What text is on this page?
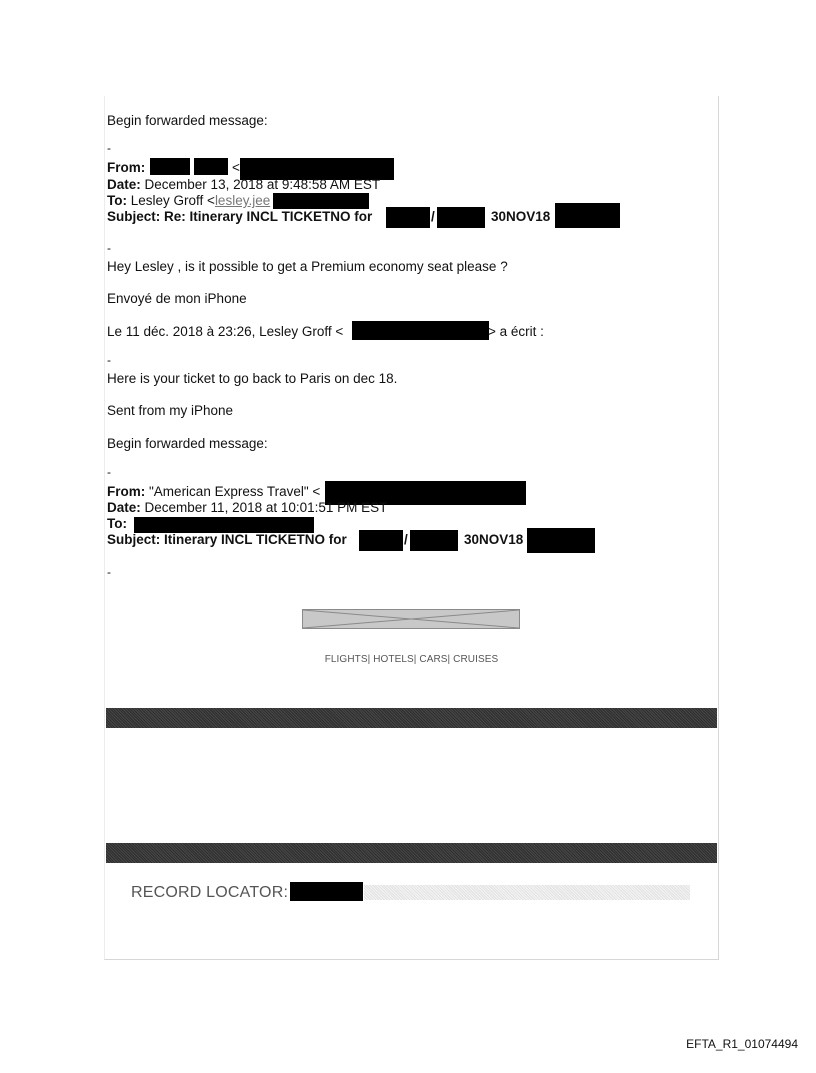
Begin forwarded message:
-
From:	<
Date: December 13, 2018 at 9:48:58 AM EST
To: Lesley Groff <lesley.jee
Subject: Re: Itinerary INCL TICKETNO for	/	30NOV18
-
Hey Lesley , is it possible to get a Premium economy seat please ?
Envoyé de mon iPhone
Le 11 déc. 2018 à 23:26, Lesley Groff <	> a écrit :
-
Here is your ticket to go back to Paris on dec 18.
Sent from my iPhone
Begin forwarded message:
-
From: "American Express Travel" <
Date: December 11, 2018 at 10:01:51 PM EST
To:
Subject: Itinerary INCL TICKETNO for	/	30NOV18
-
FLIGHTS| HOTELS| CARS| CRUISES
RECORD LOCATOR:
EFTA_R1_01074494
